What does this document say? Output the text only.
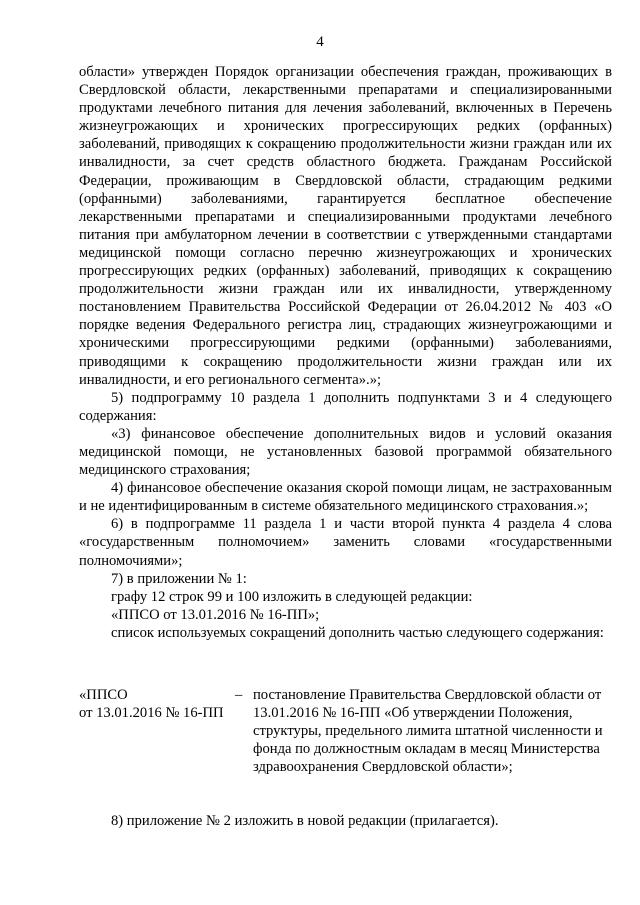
4

области» утвержден Порядок организации обеспечения граждан, проживающих в Свердловской области, лекарственными препаратами и специализированными продуктами лечебного питания для лечения заболеваний, включенных в Перечень жизнеугрожающих и хронических прогрессирующих редких (орфанных) заболеваний, приводящих к сокращению продолжительности жизни граждан или их инвалидности, за счет средств областного бюджета. Гражданам Российской Федерации, проживающим в Свердловской области, страдающим редкими (орфанными) заболеваниями, гарантируется бесплатное обеспечение лекарственными препаратами и специализированными продуктами лечебного питания при амбулаторном лечении в соответствии с утвержденными стандартами медицинской помощи согласно перечню жизнеугрожающих и хронических прогрессирующих редких (орфанных) заболеваний, приводящих к сокращению продолжительности жизни граждан или их инвалидности, утвержденному постановлением Правительства Российской Федерации от 26.04.2012 № 403 «О порядке ведения Федерального регистра лиц, страдающих жизнеугрожающими и хроническими прогрессирующими редкими (орфанными) заболеваниями, приводящими к сокращению продолжительности жизни граждан или их инвалидности, и его регионального сегмента».»;

5) подпрограмму 10 раздела 1 дополнить подпунктами 3 и 4 следующего содержания:

«3) финансовое обеспечение дополнительных видов и условий оказания медицинской помощи, не установленных базовой программой обязательного медицинского страхования;

4) финансовое обеспечение оказания скорой помощи лицам, не застрахованным и не идентифицированным в системе обязательного медицинского страхования.»;

6) в подпрограмме 11 раздела 1 и части второй пункта 4 раздела 4 слова «государственным полномочием» заменить словами «государственными полномочиями»;

7) в приложении № 1:

графу 12 строк 99 и 100 изложить в следующей редакции:

«ППСО от 13.01.2016 № 16-ПП»;

список используемых сокращений дополнить частью следующего содержания:

«ППСО
от 13.01.2016 № 16-ПП
– постановление Правительства Свердловской области от 13.01.2016 № 16-ПП «Об утверждении Положения, структуры, предельного лимита штатной численности и фонда по должностным окладам в месяц Министерства здравоохранения Свердловской области»;
8) приложение № 2 изложить в новой редакции (прилагается).
